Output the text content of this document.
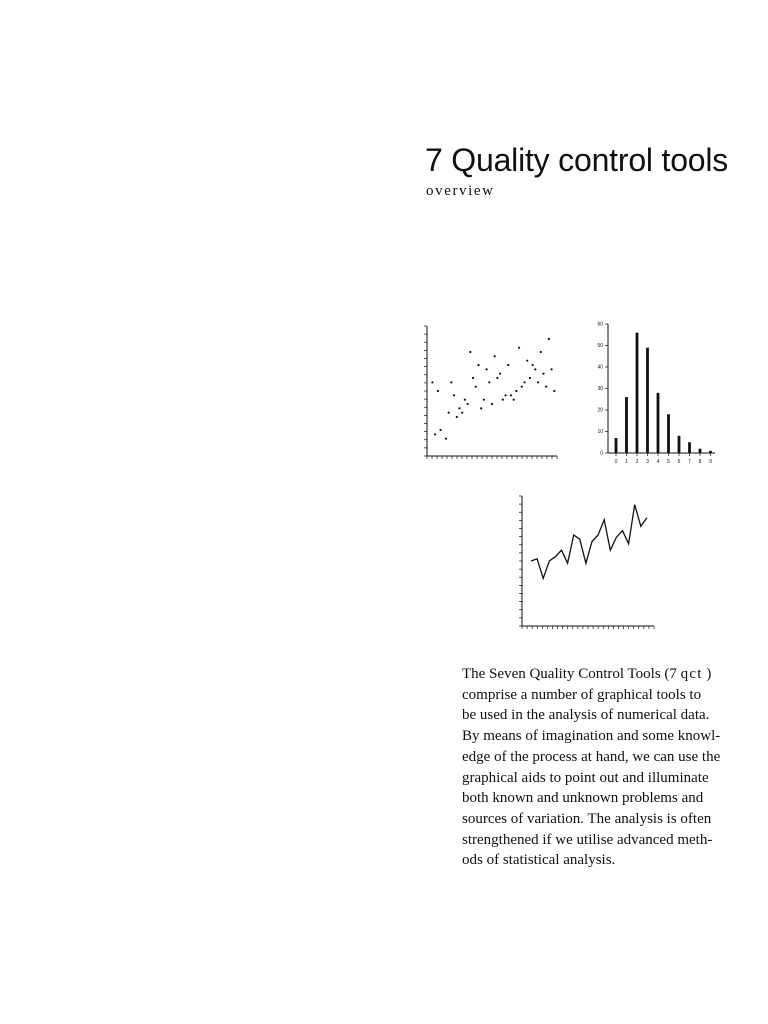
7 Quality control tools

overview

0
10
20
30
40
50
60
0 1 2 3 4 5 6 7 8 9
The Seven Quality Control Tools (7 qct )
comprise a number of graphical tools to
be used in the analysis of numerical data.
By means of imagination and some knowl-
edge of the process at hand, we can use the
graphical aids to point out and illuminate
both known and unknown problems and
sources of variation. The analysis is often
strengthened if we utilise advanced meth-
ods of statistical analysis.
